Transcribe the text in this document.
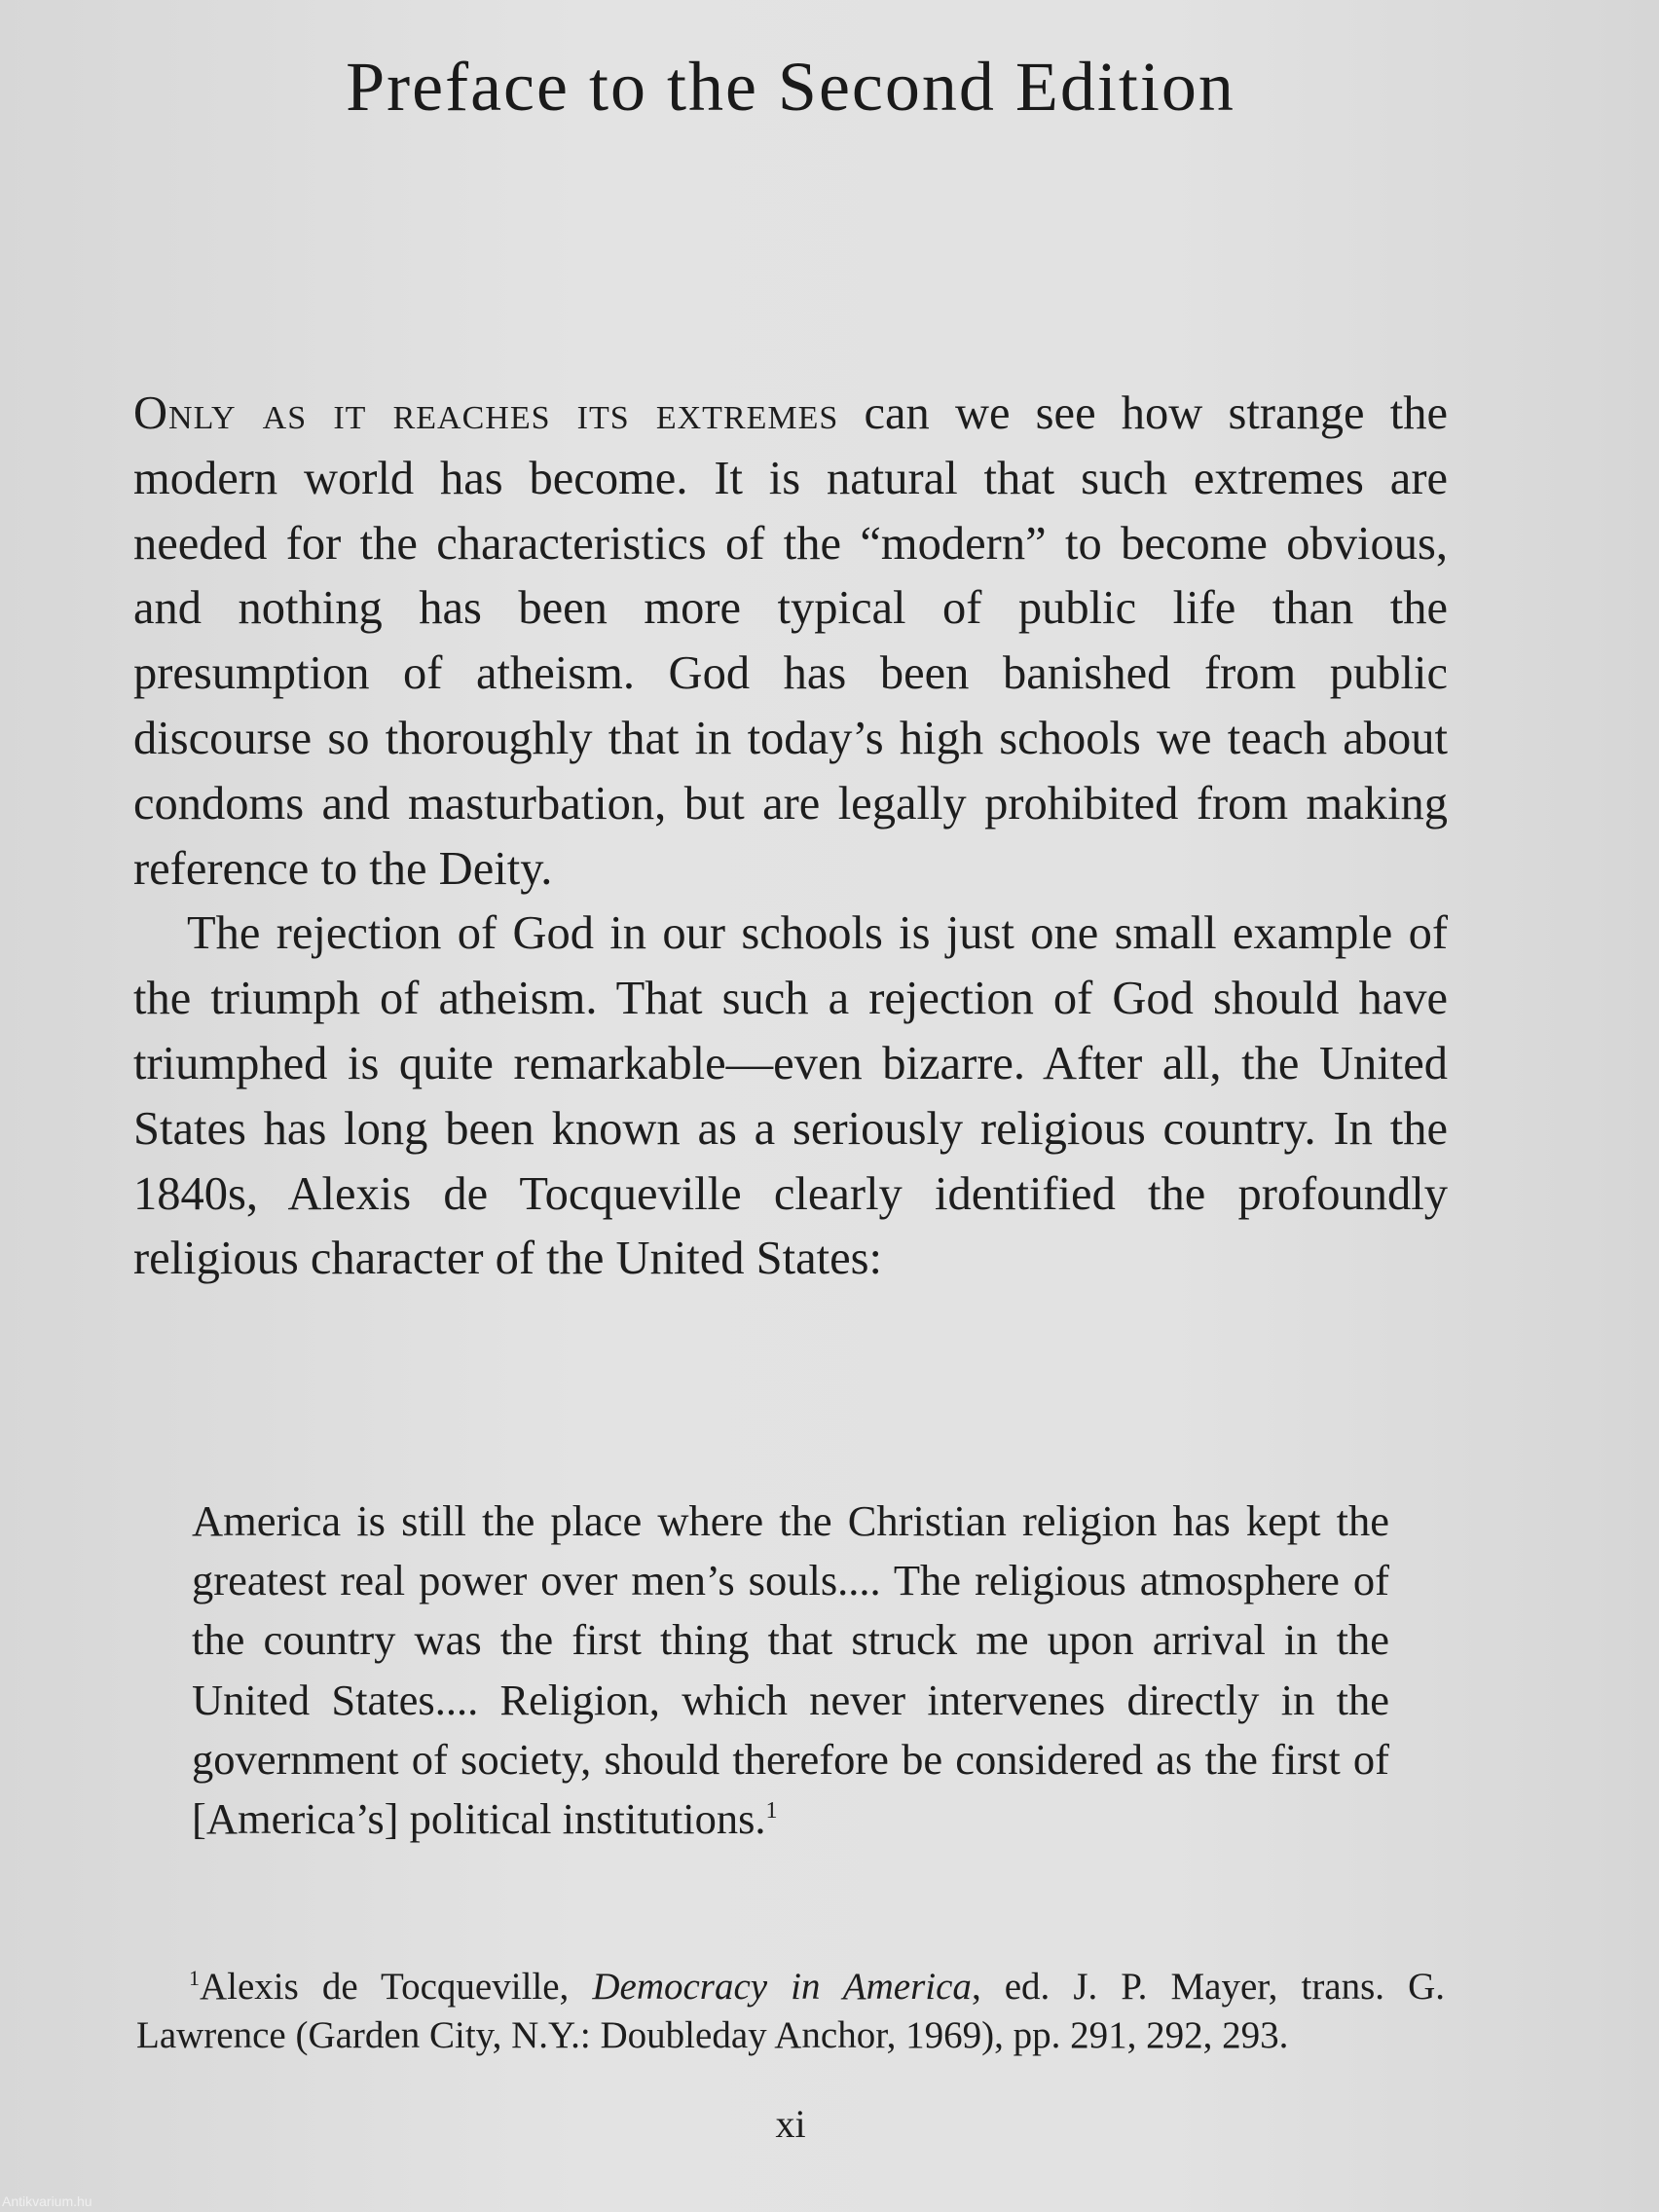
Preface to the Second Edition

Only as it reaches its extremes can we see how strange the modern world has become. It is natural that such extremes are needed for the characteristics of the “modern” to become obvious, and nothing has been more typical of public life than the presumption of atheism. God has been banished from public discourse so thoroughly that in today’s high schools we teach about condoms and masturbation, but are legally prohibited from making reference to the Deity.

The rejection of God in our schools is just one small example of the triumph of atheism. That such a rejection of God should have triumphed is quite remarkable—even bizarre. After all, the United States has long been known as a seriously religious country. In the 1840s, Alexis de Tocqueville clearly identified the profoundly religious character of the United States:

America is still the place where the Christian religion has kept the greatest real power over men’s souls.... The religious atmosphere of the country was the first thing that struck me upon arrival in the United States.... Religion, which never intervenes directly in the government of society, should therefore be considered as the first of [America’s] political institutions.$^1$
$^1$Alexis de Tocqueville, Democracy in America, ed. J. P. Mayer, trans. G. Lawrence (Garden City, N.Y.: Doubleday Anchor, 1969), pp. 291, 292, 293.
xi
Antikvarium.hu
